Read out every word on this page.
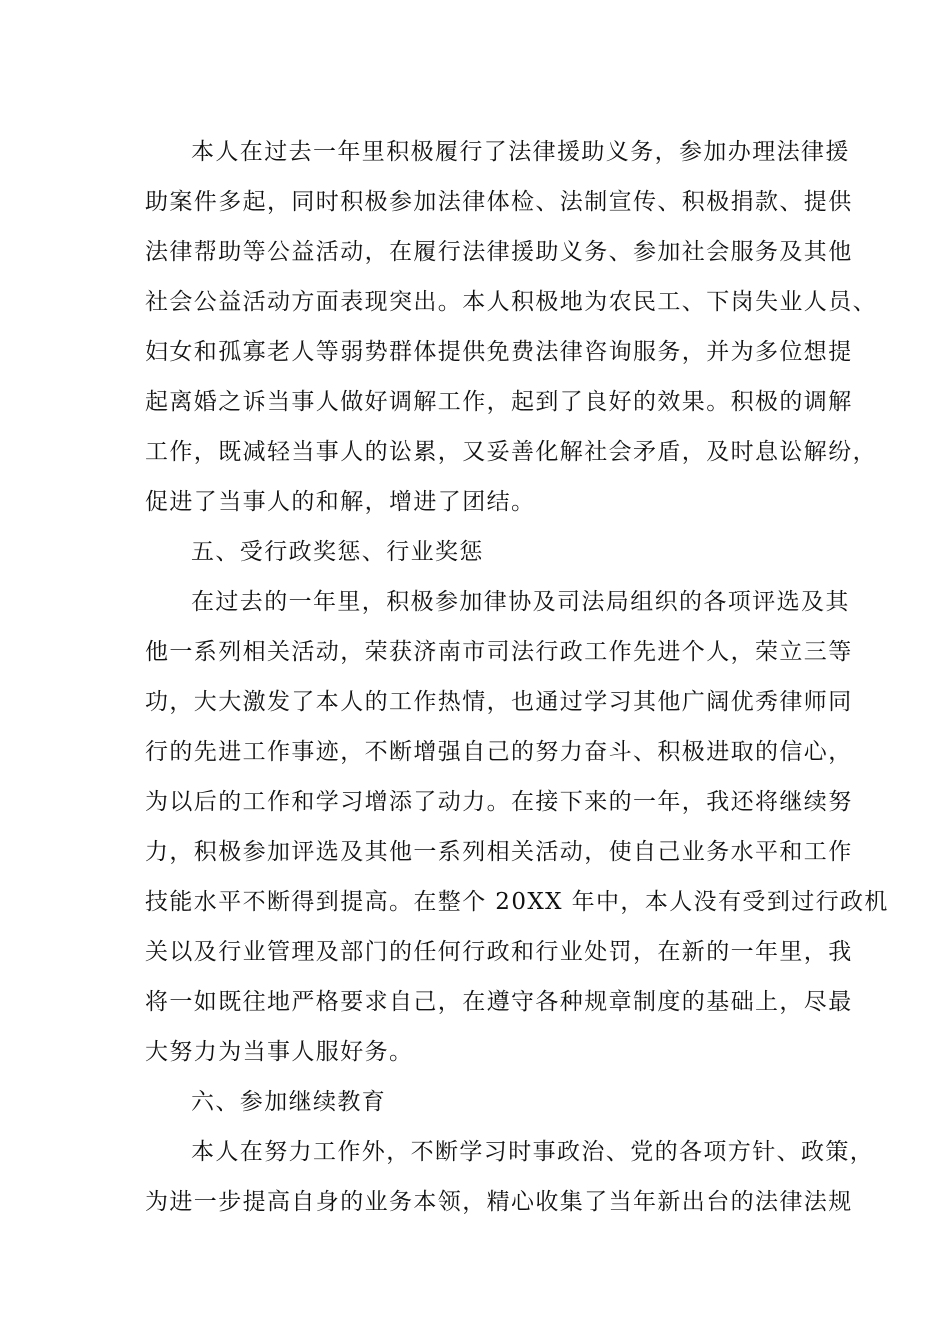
本人在过去一年里积极履行了法律援助义务，参加办理法律援
助案件多起，同时积极参加法律体检、法制宣传、积极捐款、提供
法律帮助等公益活动，在履行法律援助义务、参加社会服务及其他
社会公益活动方面表现突出。本人积极地为农民工、下岗失业人员、
妇女和孤寡老人等弱势群体提供免费法律咨询服务，并为多位想提
起离婚之诉当事人做好调解工作，起到了良好的效果。积极的调解
工作，既减轻当事人的讼累，又妥善化解社会矛盾，及时息讼解纷，
促进了当事人的和解，增进了团结。
五、受行政奖惩、行业奖惩
在过去的一年里，积极参加律协及司法局组织的各项评选及其
他一系列相关活动，荣获济南市司法行政工作先进个人，荣立三等
功，大大激发了本人的工作热情，也通过学习其他广阔优秀律师同
行的先进工作事迹，不断增强自己的努力奋斗、积极进取的信心，
为以后的工作和学习增添了动力。在接下来的一年，我还将继续努
力，积极参加评选及其他一系列相关活动，使自己业务水平和工作
技能水平不断得到提高。在整个 20XX 年中，本人没有受到过行政机
关以及行业管理及部门的任何行政和行业处罚，在新的一年里，我
将一如既往地严格要求自己，在遵守各种规章制度的基础上，尽最
大努力为当事人服好务。
六、参加继续教育
本人在努力工作外，不断学习时事政治、党的各项方针、政策，
为进一步提高自身的业务本领，精心收集了当年新出台的法律法规
